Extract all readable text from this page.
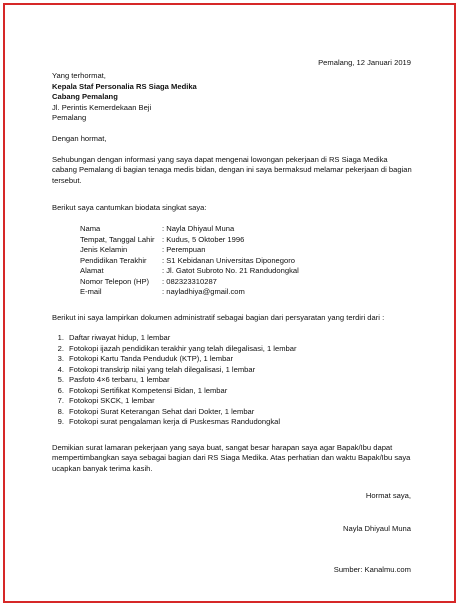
Pemalang, 12 Januari 2019
Yang terhormat,
Kepala Staf Personalia RS Siaga Medika
Cabang Pemalang
Jl. Perintis Kemerdekaan Beji
Pemalang
Dengan hormat,
Sehubungan dengan informasi yang saya dapat mengenai lowongan pekerjaan di RS Siaga Medika cabang Pemalang di bagian tenaga medis bidan, dengan ini saya bermaksud melamar pekerjaan di bagian tersebut.
Berikut saya cantumkan biodata singkat saya:
Nama	: Nayla Dhiyaul Muna
Tempat, Tanggal Lahir : Kudus, 5 Oktober 1996
Jenis Kelamin	: Perempuan
Pendidikan Terakhir : S1 Kebidanan Universitas Diponegoro
Alamat	: Jl. Gatot Subroto No. 21 Randudongkal
Nomor Telepon (HP) : 082323310287
E-mail	: nayladhiya@gmail.com
Berikut ini saya lampirkan dokumen administratif sebagai bagian dari persyaratan yang terdiri dari :
1. Daftar riwayat hidup, 1 lembar
2. Fotokopi ijazah pendidikan terakhir yang telah dilegalisasi, 1 lembar
3. Fotokopi Kartu Tanda Penduduk (KTP), 1 lembar
4. Fotokopi transkrip nilai yang telah dilegalisasi, 1 lembar
5. Pasfoto 4×6 terbaru, 1 lembar
6. Fotokopi Sertifikat Kompetensi Bidan, 1 lembar
7. Fotokopi SKCK, 1 lembar
8. Fotokopi Surat Keterangan Sehat dari Dokter, 1 lembar
9. Fotokopi surat pengalaman kerja di Puskesmas Randudongkal
Demikian surat lamaran pekerjaan yang saya buat, sangat besar harapan saya agar Bapak/Ibu dapat mempertimbangkan saya sebagai bagian dari RS Siaga Medika. Atas perhatian dan waktu Bapak/Ibu saya ucapkan banyak terima kasih.
Hormat saya,
Nayla Dhiyaul Muna
Sumber: Kanalmu.com
